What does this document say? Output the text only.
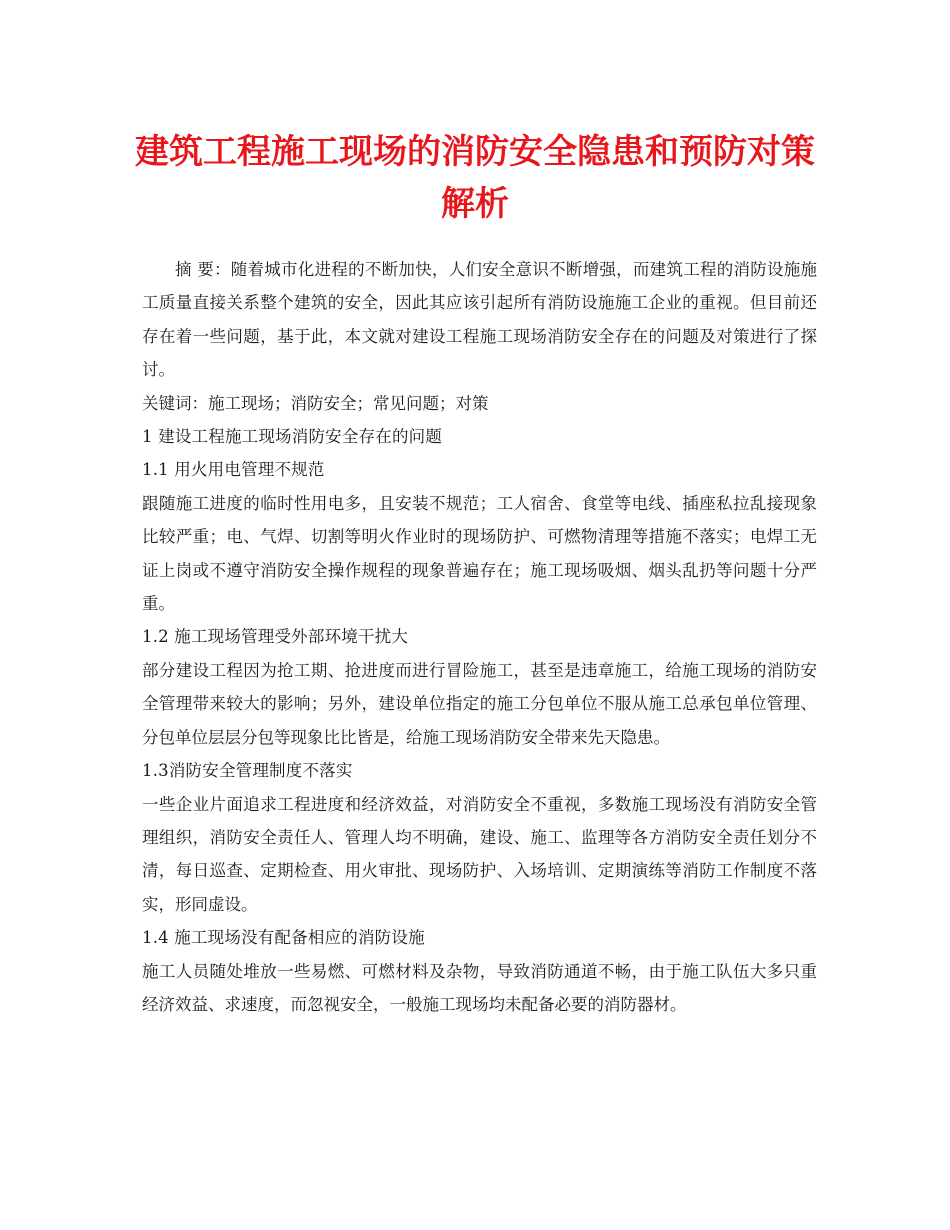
建筑工程施工现场的消防安全隐患和预防对策解析

摘 要：随着城市化进程的不断加快，人们安全意识不断增强，而建筑工程的消防设施施工质量直接关系整个建筑的安全，因此其应该引起所有消防设施施工企业的重视。但目前还存在着一些问题，基于此，本文就对建设工程施工现场消防安全存在的问题及对策进行了探讨。

关键词：施工现场；消防安全；常见问题；对策

1 建设工程施工现场消防安全存在的问题

1.1 用火用电管理不规范

跟随施工进度的临时性用电多，且安装不规范；工人宿舍、食堂等电线、插座私拉乱接现象比较严重；电、气焊、切割等明火作业时的现场防护、可燃物清理等措施不落实；电焊工无证上岗或不遵守消防安全操作规程的现象普遍存在；施工现场吸烟、烟头乱扔等问题十分严重。

1.2 施工现场管理受外部环境干扰大

部分建设工程因为抢工期、抢进度而进行冒险施工，甚至是违章施工，给施工现场的消防安全管理带来较大的影响；另外，建设单位指定的施工分包单位不服从施工总承包单位管理、分包单位层层分包等现象比比皆是，给施工现场消防安全带来先天隐患。

1.3消防安全管理制度不落实

一些企业片面追求工程进度和经济效益，对消防安全不重视，多数施工现场没有消防安全管理组织，消防安全责任人、管理人均不明确，建设、施工、监理等各方消防安全责任划分不清，每日巡查、定期检查、用火审批、现场防护、入场培训、定期演练等消防工作制度不落实，形同虚设。

1.4 施工现场没有配备相应的消防设施

施工人员随处堆放一些易燃、可燃材料及杂物，导致消防通道不畅，由于施工队伍大多只重经济效益、求速度，而忽视安全，一般施工现场均未配备必要的消防器材。
